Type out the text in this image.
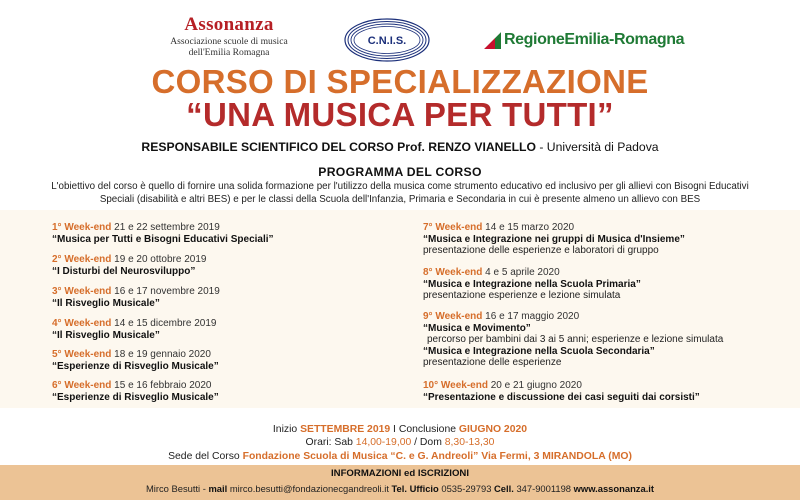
Assonanza
Associazione scuole di musica
dell'Emilia Romagna
C.N.I.S.	RegioneEmilia-Romagna
CORSO DI SPECIALIZZAZIONE
“UNA MUSICA PER TUTTI”
RESPONSABILE SCIENTIFICO DEL CORSO Prof. RENZO VIANELLO - Università di Padova
PROGRAMMA DEL CORSO
L'obiettivo del corso è quello di fornire una solida formazione per l'utilizzo della musica come strumento educativo ed inclusivo per gli allievi con Bisogni Educativi
Speciali (disabilità e altri BES) e per le classi della Scuola dell'Infanzia, Primaria e Secondaria in cui è presente almeno un allievo con BES
1° Week-end 21 e 22 settembre 2019
“Musica per Tutti e Bisogni Educativi Speciali”
2° Week-end 19 e 20 ottobre 2019
“I Disturbi del Neurosviluppo”
3° Week-end 16 e 17 novembre 2019
“Il Risveglio Musicale”
4° Week-end 14 e 15 dicembre 2019
“Il Risveglio Musicale”
5° Week-end 18 e 19 gennaio 2020
“Esperienze di Risveglio Musicale”
6° Week-end 15 e 16 febbraio 2020
“Esperienze di Risveglio Musicale”
7° Week-end 14 e 15 marzo 2020
“Musica e Integrazione nei gruppi di Musica d'Insieme”
presentazione delle esperienze e laboratori di gruppo
8° Week-end 4 e 5 aprile 2020
“Musica e Integrazione nella Scuola Primaria”
presentazione esperienze e lezione simulata
9° Week-end 16 e 17 maggio 2020
“Musica e Movimento”
percorso per bambini dai 3 ai 5 anni; esperienze e lezione simulata
“Musica e Integrazione nella Scuola Secondaria”
presentazione delle esperienze
10° Week-end 20 e 21 giugno 2020
“Presentazione e discussione dei casi seguiti dai corsisti”
Inizio SETTEMBRE 2019 I Conclusione GIUGNO 2020
Orari: Sab 14,00-19,00 / Dom 8,30-13,30
Sede del Corso Fondazione Scuola di Musica “C. e G. Andreoli” Via Fermi, 3 MIRANDOLA (MO)
INFORMAZIONI ed ISCRIZIONI
Mirco Besutti - mail mirco.besutti@fondazionecgandreoli.it Tel. Ufficio 0535-29793 Cell. 347-9001198 www.assonanza.it
